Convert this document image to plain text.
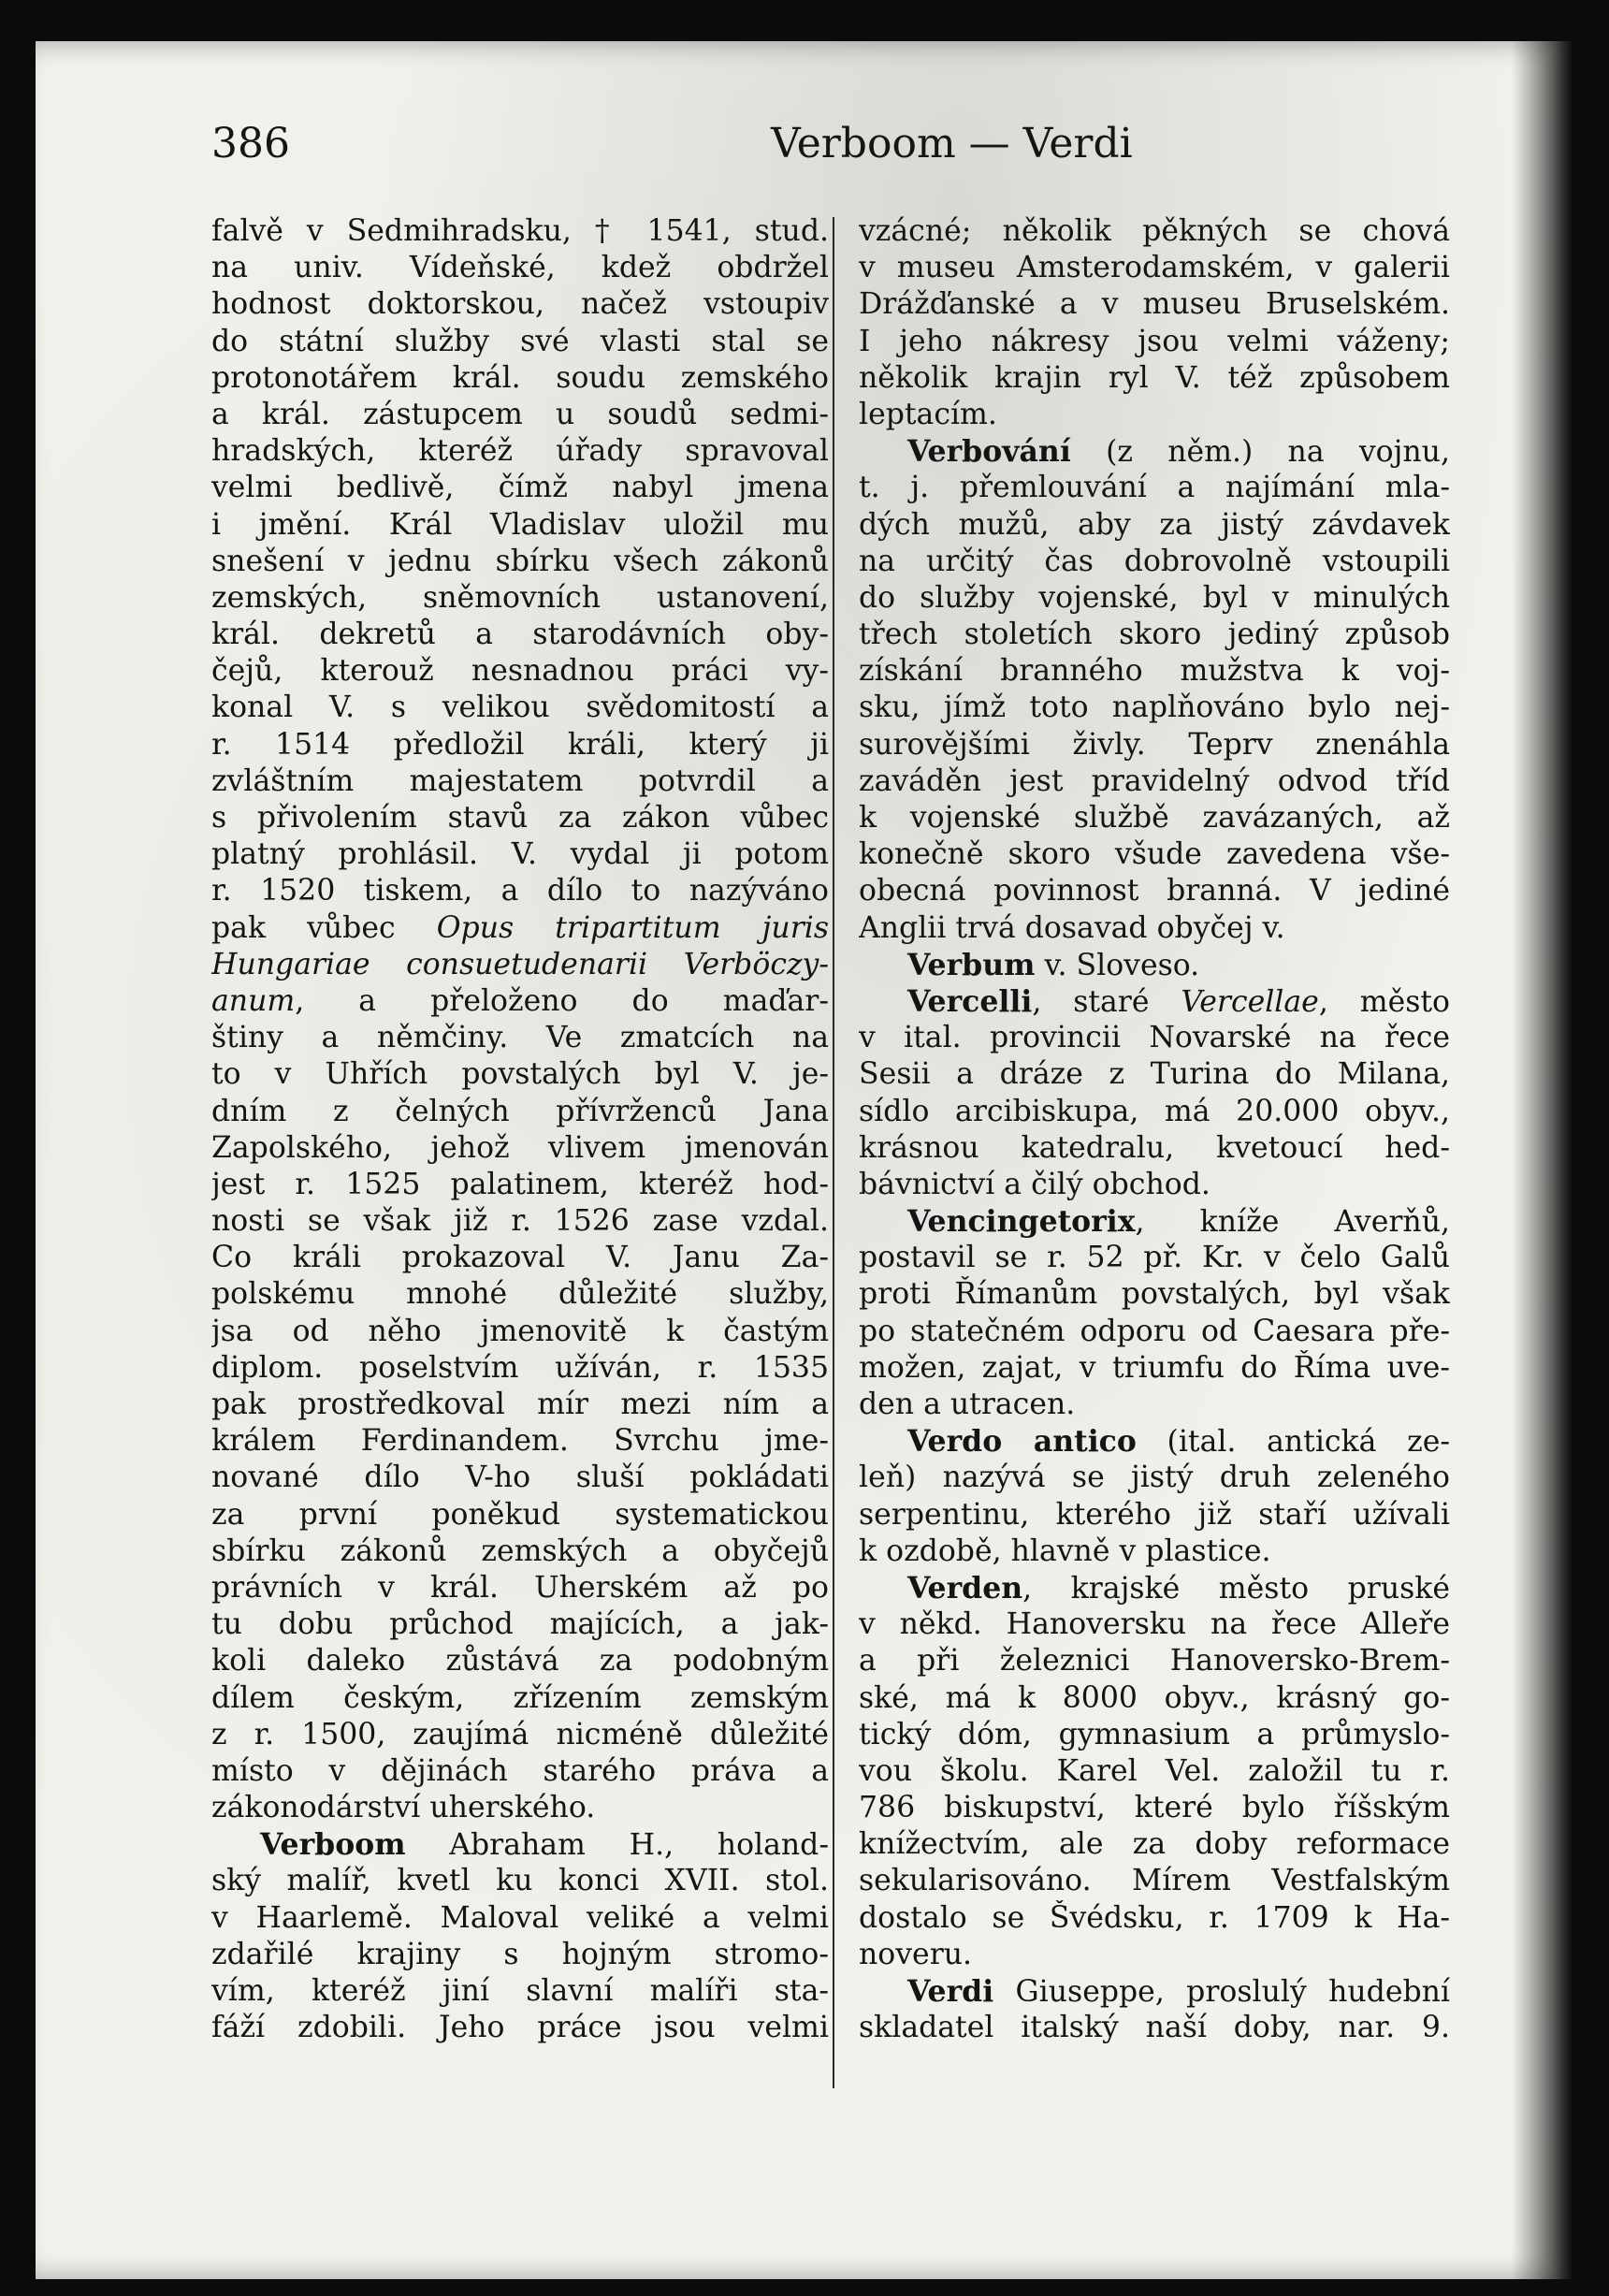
386	Verboom — Verdi
falvě v Sedmihradsku, † 1541, stud.
na univ. Vídeňské, kdež obdržel
hodnost doktorskou, načež vstoupiv
do státní služby své vlasti stal se
protonotářem král. soudu zemského
a král. zástupcem u soudů sedmi-
hradských, kteréž úřady spravoval
velmi bedlivě, čímž nabyl jmena
i jmění. Král Vladislav uložil mu
snešení v jednu sbírku všech zákonů
zemských, sněmovních ustanovení,
král. dekretů a starodávních oby-
čejů, kterouž nesnadnou práci vy-
konal V. s velikou svědomitostí a
r. 1514 předložil králi, který ji
zvláštním majestatem potvrdil a
s přivolením stavů za zákon vůbec
platný prohlásil. V. vydal ji potom
r. 1520 tiskem, a dílo to nazýváno
pak vůbec Opus tripartitum juris
Hungariae consuetudenarii Verböczy-
anum, a přeloženo do maďar-
štiny a němčiny. Ve zmatcích na
to v Uhřích povstalých byl V. je-
dním z čelných přívrženců Jana
Zapolského, jehož vlivem jmenován
jest r. 1525 palatinem, kteréž hod-
nosti se však již r. 1526 zase vzdal.
Co králi prokazoval V. Janu Za-
polskému mnohé důležité služby,
jsa od něho jmenovitě k častým
diplom. poselstvím užíván, r. 1535
pak prostředkoval mír mezi ním a
králem Ferdinandem. Svrchu jme-
nované dílo V-ho sluší pokládati
za první poněkud systematickou
sbírku zákonů zemských a obyčejů
právních v král. Uherském až po
tu dobu průchod majících, a jak-
koli daleko zůstává za podobným
dílem českým, zřízením zemským
z r. 1500, zaujímá nicméně důležité
místo v dějinách starého práva a
zákonodárství uherského.
Verboom Abraham H., holand-
ský malíř, kvetl ku konci XVII. stol.
v Haarlemě. Maloval veliké a velmi
zdařilé krajiny s hojným stromo-
vím, kteréž jiní slavní malíři sta-
fáží zdobili. Jeho práce jsou velmi
vzácné; několik pěkných se chová
v museu Amsterodamském, v galerii
Drážďanské a v museu Bruselském.
I jeho nákresy jsou velmi váženy;
několik krajin ryl V. též způsobem
leptacím.
Verbování (z něm.) na vojnu,
t. j. přemlouvání a najímání mla-
dých mužů, aby za jistý závdavek
na určitý čas dobrovolně vstoupili
do služby vojenské, byl v minulých
třech stoletích skoro jediný způsob
získání branného mužstva k voj-
sku, jímž toto naplňováno bylo nej-
surovějšími živly. Teprv znenáhla
zaváděn jest pravidelný odvod tříd
k vojenské službě zavázaných, až
konečně skoro všude zavedena vše-
obecná povinnost branná. V jediné
Anglii trvá dosavad obyčej v.
Verbum v. Sloveso.
Vercelli, staré Vercellae, město
v ital. provincii Novarské na řece
Sesii a dráze z Turina do Milana,
sídlo arcibiskupa, má 20.000 obyv.,
krásnou katedralu, kvetoucí hed-
bávnictví a čilý obchod.
Vencingetorix, kníže Averňů,
postavil se r. 52 př. Kr. v čelo Galů
proti Římanům povstalých, byl však
po statečném odporu od Caesara pře-
možen, zajat, v triumfu do Říma uve-
den a utracen.
Verdo antico (ital. antická ze-
leň) nazývá se jistý druh zeleného
serpentinu, kterého již staří užívali
k ozdobě, hlavně v plastice.
Verden, krajské město pruské
v někd. Hanoversku na řece Alleře
a při železnici Hanoversko-Brem-
ské, má k 8000 obyv., krásný go-
tický dóm, gymnasium a průmyslo-
vou školu. Karel Vel. založil tu r.
786 biskupství, které bylo říšským
knížectvím, ale za doby reformace
sekularisováno. Mírem Vestfalským
dostalo se Švédsku, r. 1709 k Ha-
noveru.
Verdi Giuseppe, proslulý hudební
skladatel italský naší doby, nar. 9.
